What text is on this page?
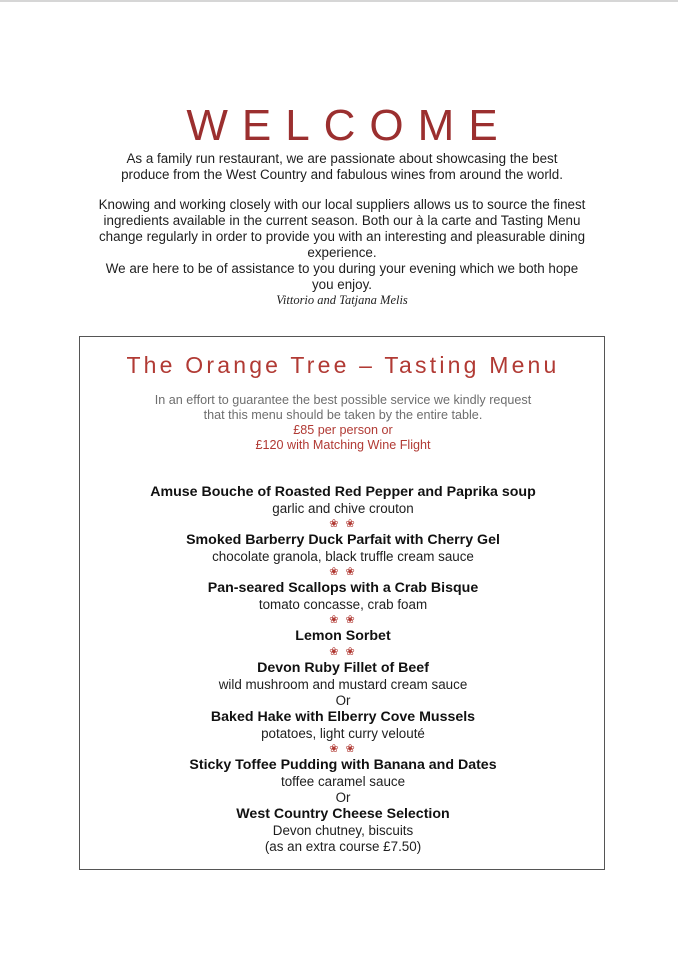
WELCOME

As a family run restaurant, we are passionate about showcasing the best

produce from the West Country and fabulous wines from around the world.

Knowing and working closely with our local suppliers allows us to source the finest

ingredients available in the current season. Both our à la carte and Tasting Menu

change regularly in order to provide you with an interesting and pleasurable dining

experience.

We are here to be of assistance to you during your evening which we both hope

you enjoy.

Vittorio and Tatjana Melis

The Orange Tree – Tasting Menu
In an effort to guarantee the best possible service we kindly request
that this menu should be taken by the entire table.
£85 per person or
£120 with Matching Wine Flight
Amuse Bouche of Roasted Red Pepper and Paprika soup
garlic and chive crouton
❀ ❀
Smoked Barberry Duck Parfait with Cherry Gel
chocolate granola, black truffle cream sauce
❀ ❀
Pan-seared Scallops with a Crab Bisque
tomato concasse, crab foam
❀ ❀
Lemon Sorbet
❀ ❀
Devon Ruby Fillet of Beef
wild mushroom and mustard cream sauce
Or
Baked Hake with Elberry Cove Mussels
potatoes, light curry velouté
❀ ❀
Sticky Toffee Pudding with Banana and Dates
toffee caramel sauce
Or
West Country Cheese Selection
Devon chutney, biscuits
(as an extra course £7.50)
